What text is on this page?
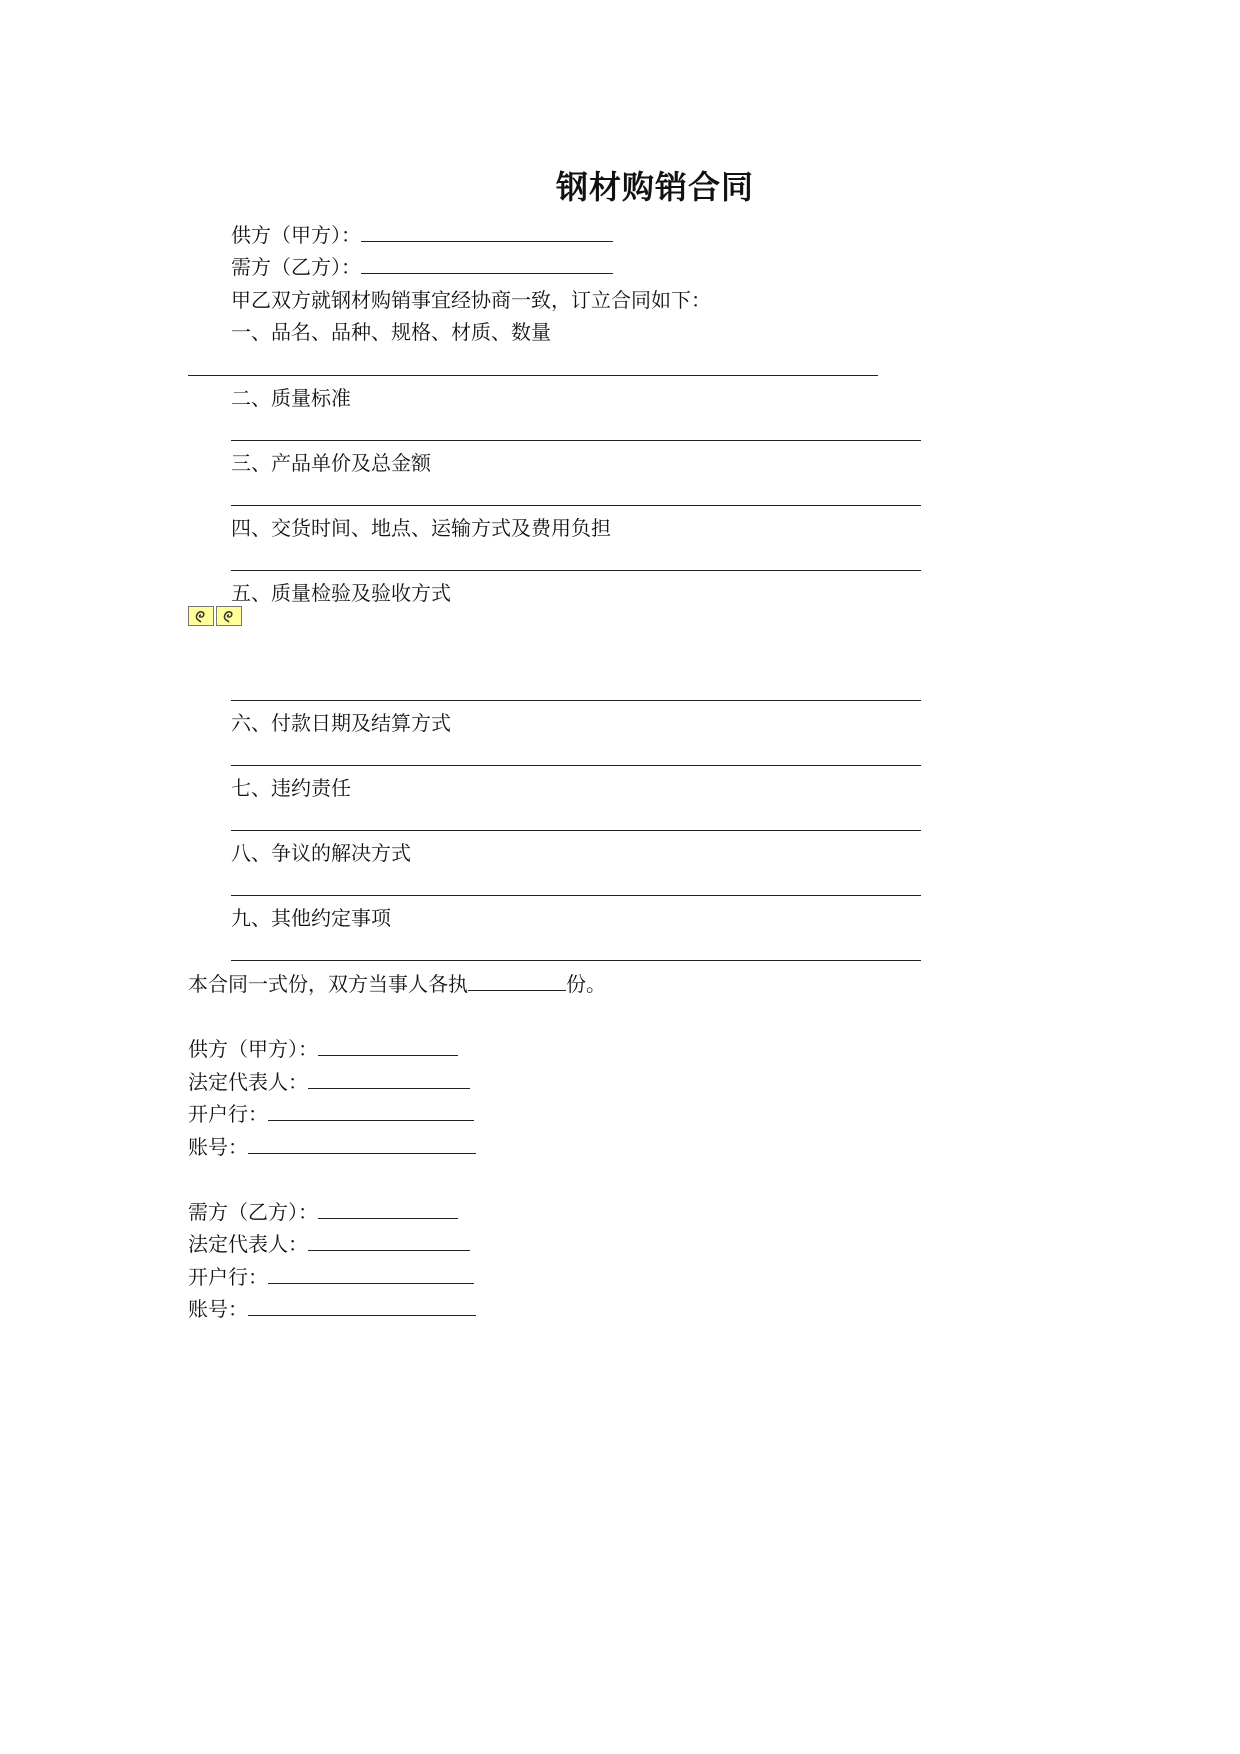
钢材购销合同
供方（甲方）：
需方（乙方）：
甲乙双方就钢材购销事宜经协商一致，订立合同如下：
一、品名、品种、规格、材质、数量
二、质量标准
三、产品单价及总金额
四、交货时间、地点、运输方式及费用负担
五、质量检验及验收方式
六、付款日期及结算方式
七、违约责任
八、争议的解决方式
九、其他约定事项
本合同一式份，双方当事人各执	份。
供方（甲方）：
法定代表人：
开户行：
账号：
需方（乙方）：
法定代表人：
开户行：
账号：
